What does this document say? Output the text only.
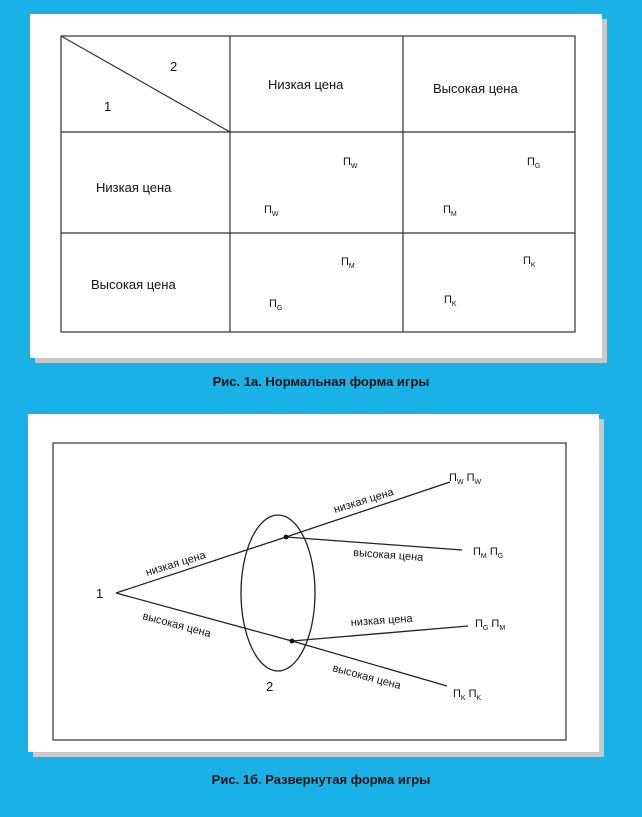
2
1
Низкая цена	Высокая цена
Низкая цена
Высокая цена
$П_W$
$П_W$
$П_G$
$П_M$
$П_M$
$П_G$
$П_K$
$П_K$
Рис. 1а. Нормальная форма игры
1
2
низкая цена
высокая цена
низкая цена
высокая цена
низкая цена
высокая цена
$П_W$ $П_W$
$П_M$ $П_G$
$П_G$ $П_M$
$П_K$ $П_K$
Рис. 1б. Развернутая форма игры
